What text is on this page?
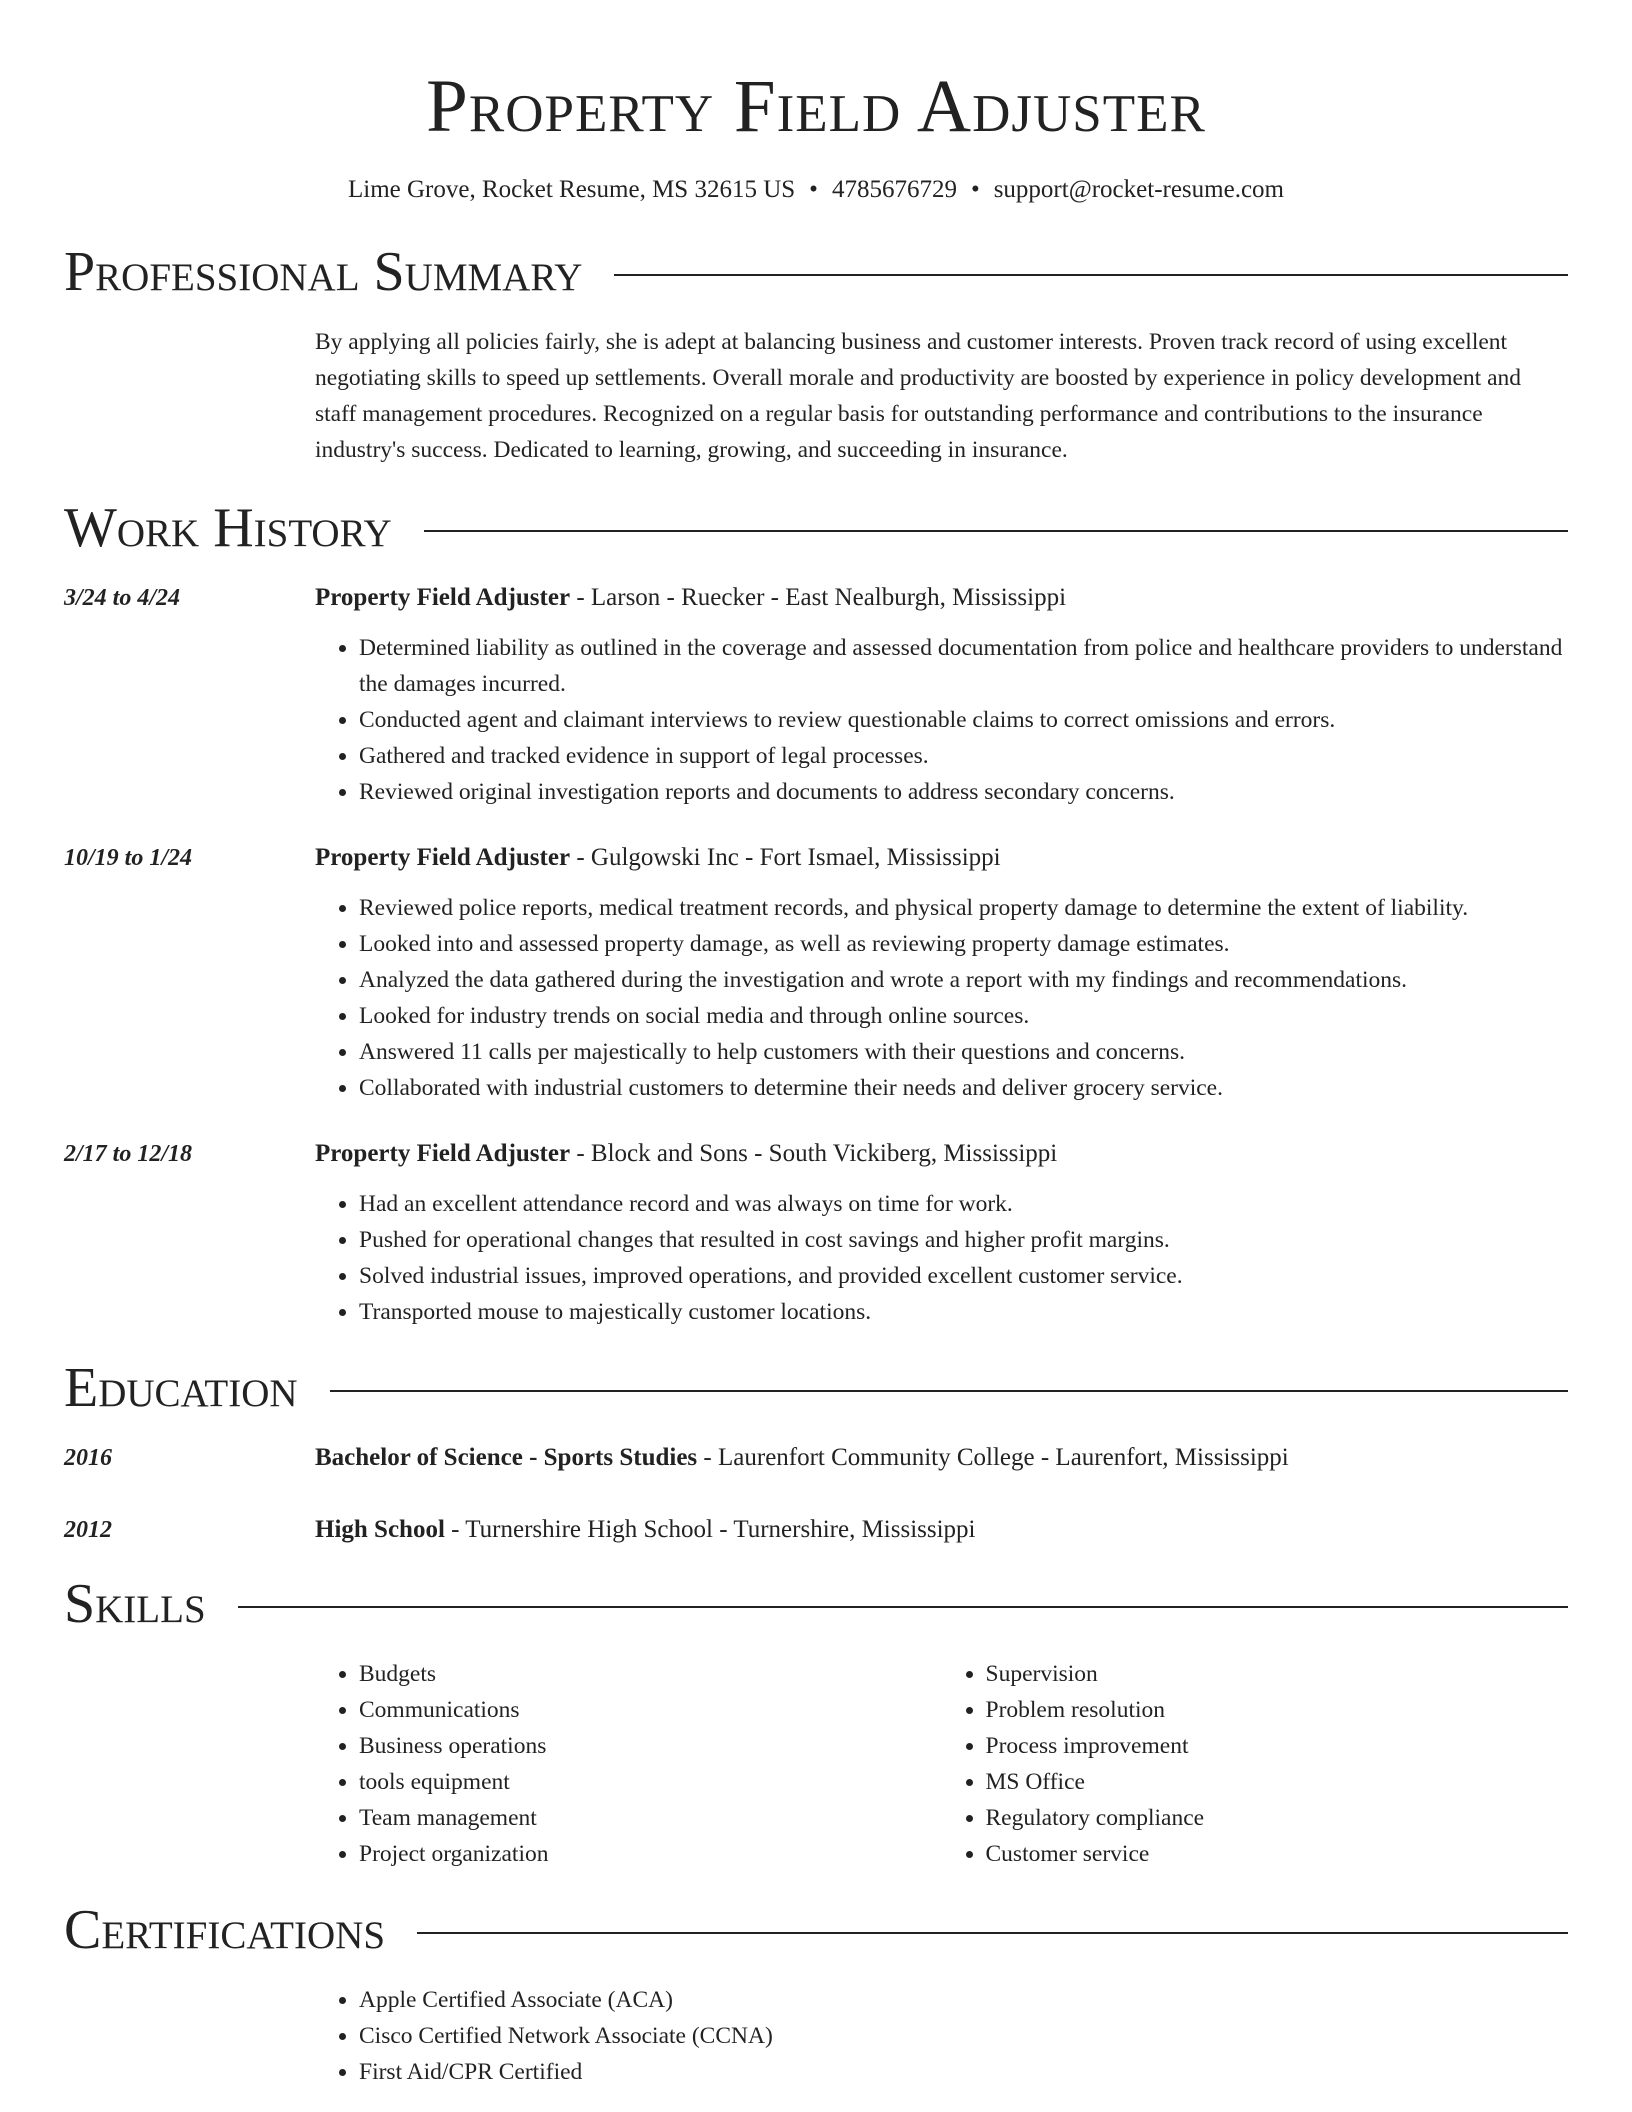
Property Field Adjuster
Lime Grove, Rocket Resume, MS 32615 US • 4785676729 • support@rocket-resume.com
Professional Summary

By applying all policies fairly, she is adept at balancing business and customer interests. Proven track record of using excellent negotiating skills to speed up settlements. Overall morale and productivity are boosted by experience in policy development and staff management procedures. Recognized on a regular basis for outstanding performance and contributions to the insurance industry's success. Dedicated to learning, growing, and succeeding in insurance.

Work History
3/24 to 4/24	Property Field Adjuster - Larson - Ruecker - East Nealburgh, Mississippi
• Determined liability as outlined in the coverage and assessed documentation from police and healthcare providers to understand the damages incurred.
• Conducted agent and claimant interviews to review questionable claims to correct omissions and errors.
• Gathered and tracked evidence in support of legal processes.
• Reviewed original investigation reports and documents to address secondary concerns.
10/19 to 1/24	Property Field Adjuster - Gulgowski Inc - Fort Ismael, Mississippi
• Reviewed police reports, medical treatment records, and physical property damage to determine the extent of liability.
• Looked into and assessed property damage, as well as reviewing property damage estimates.
• Analyzed the data gathered during the investigation and wrote a report with my findings and recommendations.
• Looked for industry trends on social media and through online sources.
• Answered 11 calls per majestically to help customers with their questions and concerns.
• Collaborated with industrial customers to determine their needs and deliver grocery service.
2/17 to 12/18	Property Field Adjuster - Block and Sons - South Vickiberg, Mississippi
• Had an excellent attendance record and was always on time for work.
• Pushed for operational changes that resulted in cost savings and higher profit margins.
• Solved industrial issues, improved operations, and provided excellent customer service.
• Transported mouse to majestically customer locations.
Education
2016	Bachelor of Science - Sports Studies - Laurenfort Community College - Laurenfort, Mississippi
2012	High School - Turnershire High School - Turnershire, Mississippi
Skills
• Budgets
• Communications
• Business operations
• tools equipment
• Team management
• Project organization
• Supervision
• Problem resolution
• Process improvement
• MS Office
• Regulatory compliance
• Customer service
Certifications
• Apple Certified Associate (ACA)
• Cisco Certified Network Associate (CCNA)
• First Aid/CPR Certified
